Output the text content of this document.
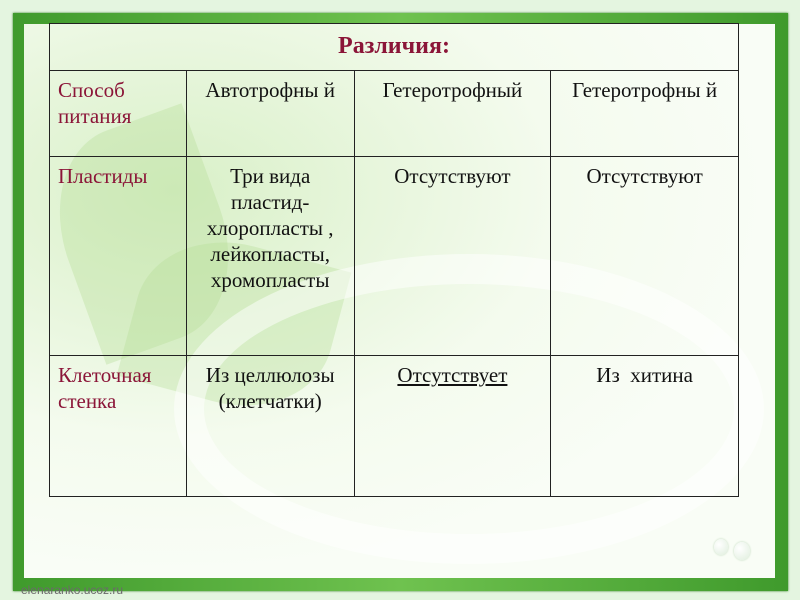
Различия:			
Способ питания	Автотрофны й	Гетеротрофный	Гетеротрофны й
Пластиды	Три вида пластид- хлоропласты , лейкопласты, хромопласты	Отсутствуют	Отсутствуют
Клеточная стенка	Из целлюлозы (клетчатки)	Отсутствует	Из  хитина
elenaranko.ucoz.ru
